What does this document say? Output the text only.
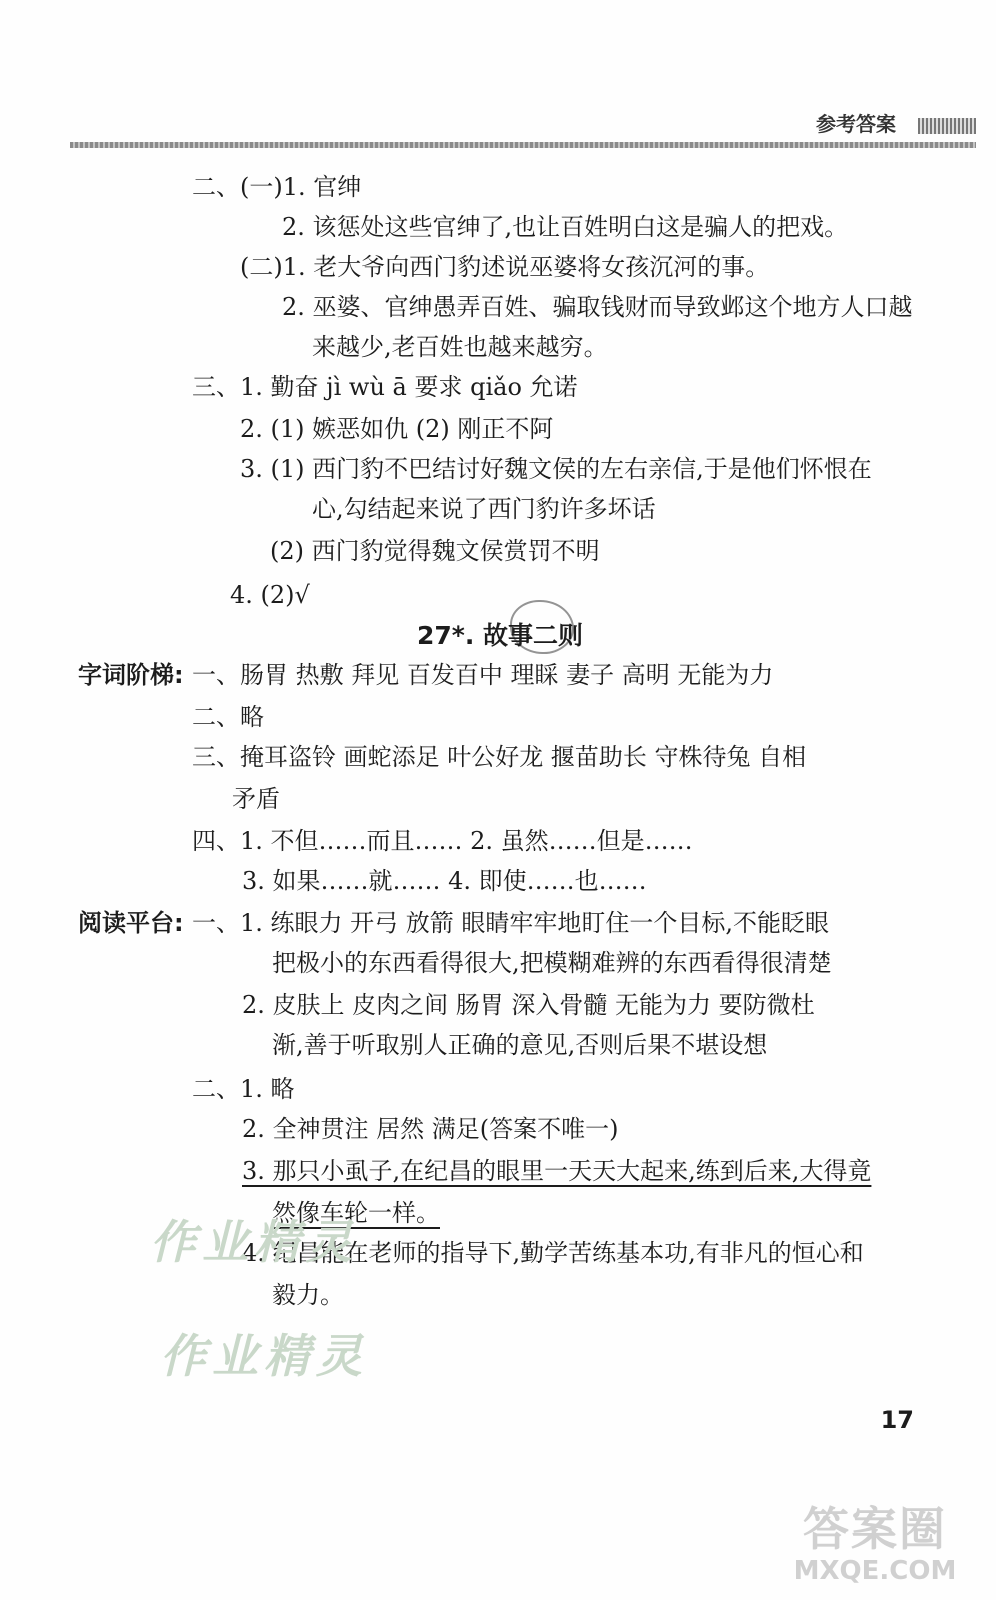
参考答案
二、(一)1. 官绅
2. 该惩处这些官绅了,也让百姓明白这是骗人的把戏。
(二)1. 老大爷向西门豹述说巫婆将女孩沉河的事。
2. 巫婆、官绅愚弄百姓、骗取钱财而导致邺这个地方人口越
来越少,老百姓也越来越穷。
三、1. 勤奋 jì wù ā 要求 qiǎo 允诺
2. (1) 嫉恶如仇 (2) 刚正不阿
3. (1) 西门豹不巴结讨好魏文侯的左右亲信,于是他们怀恨在
心,勾结起来说了西门豹许多坏话
(2) 西门豹觉得魏文侯赏罚不明
4. (2)√
27*. 故事二则
字词阶梯: 一、肠胃 热敷 拜见 百发百中 理睬 妻子 高明 无能为力
二、略
三、掩耳盗铃 画蛇添足 叶公好龙 揠苗助长 守株待兔 自相
矛盾
四、1. 不但……而且…… 2. 虽然……但是……
3. 如果……就…… 4. 即使……也……
阅读平台: 一、1. 练眼力 开弓 放箭 眼睛牢牢地盯住一个目标,不能眨眼
把极小的东西看得很大,把模糊难辨的东西看得很清楚
2. 皮肤上 皮肉之间 肠胃 深入骨髓 无能为力 要防微杜
渐,善于听取别人正确的意见,否则后果不堪设想
二、1. 略
2. 全神贯注 居然 满足(答案不唯一)
3. 那只小虱子,在纪昌的眼里一天天大起来,练到后来,大得竟
然像车轮一样。
4. 纪昌能在老师的指导下,勤学苦练基本功,有非凡的恒心和
毅力。
作业精灵
作业精灵
17
答案圈
MXQE.COM
